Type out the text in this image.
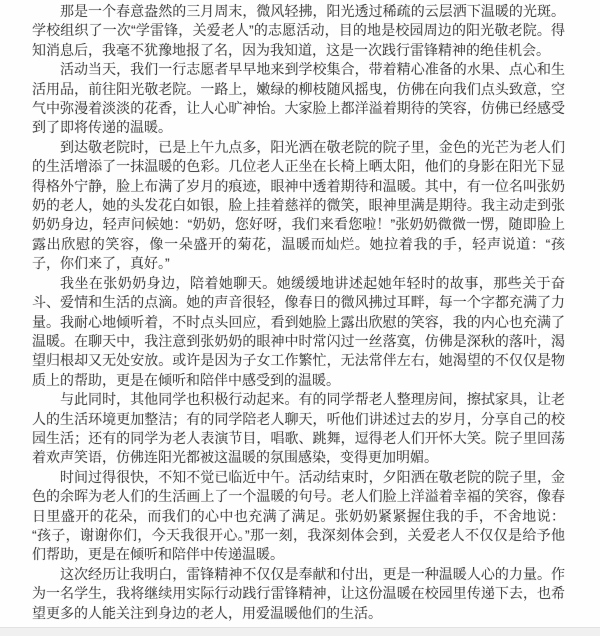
那是一个春意盎然的三月周末，微风轻拂，阳光透过稀疏的云层洒下温暖的光斑。学校组织了一次“学雷锋，关爱老人”的志愿活动，目的地是校园周边的阳光敬老院。得知消息后，我毫不犹豫地报了名，因为我知道，这是一次践行雷锋精神的绝佳机会。

活动当天，我们一行志愿者早早地来到学校集合，带着精心准备的水果、点心和生活用品，前往阳光敬老院。一路上，嫩绿的柳枝随风摇曳，仿佛在向我们点头致意，空气中弥漫着淡淡的花香，让人心旷神怡。大家脸上都洋溢着期待的笑容，仿佛已经感受到了即将传递的温暖。

到达敬老院时，已是上午九点多，阳光洒在敬老院的院子里，金色的光芒为老人们的生活增添了一抹温暖的色彩。几位老人正坐在长椅上晒太阳，他们的身影在阳光下显得格外宁静，脸上布满了岁月的痕迹，眼神中透着期待和温暖。其中，有一位名叫张奶奶的老人，她的头发花白如银，脸上挂着慈祥的微笑，眼神里满是期待。我主动走到张奶奶身边，轻声问候她：“奶奶，您好呀，我们来看您啦！”张奶奶微微一愣，随即脸上露出欣慰的笑容，像一朵盛开的菊花，温暖而灿烂。她拉着我的手，轻声说道：“孩子，你们来了，真好。”

我坐在张奶奶身边，陪着她聊天。她缓缓地讲述起她年轻时的故事，那些关于奋斗、爱情和生活的点滴。她的声音很轻，像春日的微风拂过耳畔，每一个字都充满了力量。我耐心地倾听着，不时点头回应，看到她脸上露出欣慰的笑容，我的内心也充满了温暖。在聊天中，我注意到张奶奶的眼神中时常闪过一丝落寞，仿佛是深秋的落叶，渴望归根却又无处安放。或许是因为子女工作繁忙，无法常伴左右，她渴望的不仅仅是物质上的帮助，更是在倾听和陪伴中感受到的温暖。

与此同时，其他同学也积极行动起来。有的同学帮老人整理房间，擦拭家具，让老人的生活环境更加整洁；有的同学陪老人聊天，听他们讲述过去的岁月，分享自己的校园生活；还有的同学为老人表演节目，唱歌、跳舞，逗得老人们开怀大笑。院子里回荡着欢声笑语，仿佛连阳光都被这温暖的氛围感染，变得更加明媚。

时间过得很快，不知不觉已临近中午。活动结束时，夕阳洒在敬老院的院子里，金色的余晖为老人们的生活画上了一个温暖的句号。老人们脸上洋溢着幸福的笑容，像春日里盛开的花朵，而我们的心中也充满了满足。张奶奶紧紧握住我的手，不舍地说：“孩子，谢谢你们，今天我很开心。”那一刻，我深刻体会到，关爱老人不仅仅是给予他们帮助，更是在倾听和陪伴中传递温暖。

这次经历让我明白，雷锋精神不仅仅是奉献和付出，更是一种温暖人心的力量。作为一名学生，我将继续用实际行动践行雷锋精神，让这份温暖在校园里传递下去，也希望更多的人能关注到身边的老人，用爱温暖他们的生活。
